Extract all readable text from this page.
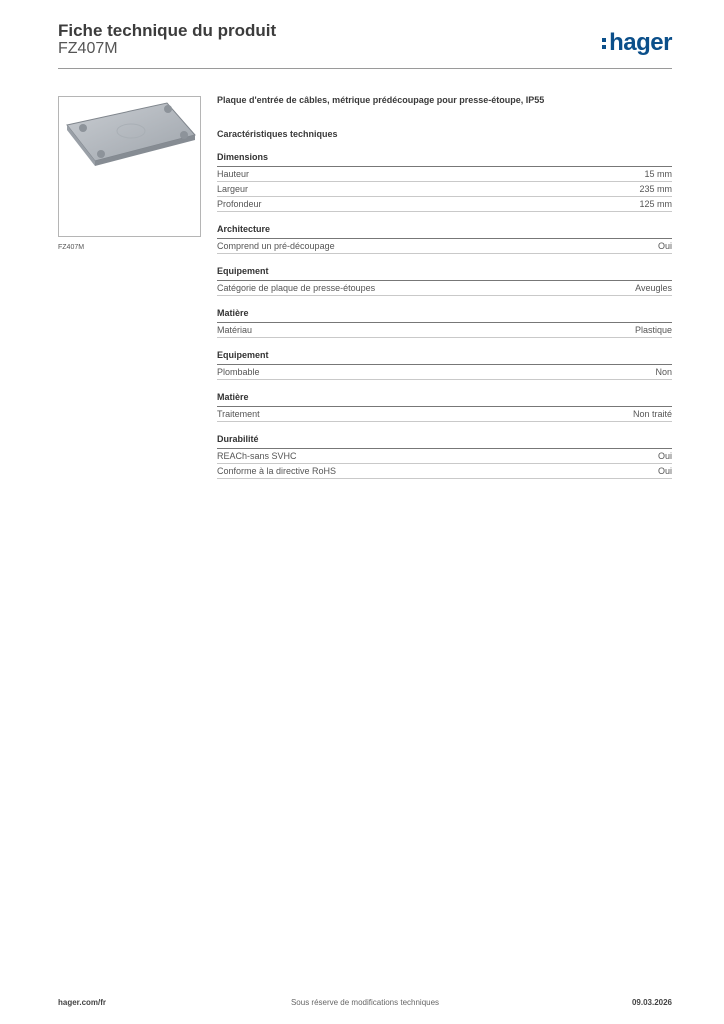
Fiche technique du produit
FZ407M	hager
FZ407M
Plaque d'entrée de câbles, métrique prédécoupage pour presse-étoupe, IP55
Caractéristiques techniques
Dimensions
Hauteur	15 mm
Largeur	235 mm
Profondeur	125 mm
Architecture
Comprend un pré-découpage	Oui
Equipement
Catégorie de plaque de presse-étoupes	Aveugles
Matière
Matériau	Plastique
Equipement
Plombable	Non
Matière
Traitement	Non traité
Durabilité
REACh-sans SVHC	Oui
Conforme à la directive RoHS	Oui
hager.com/fr	Sous réserve de modifications techniques	09.03.2026
